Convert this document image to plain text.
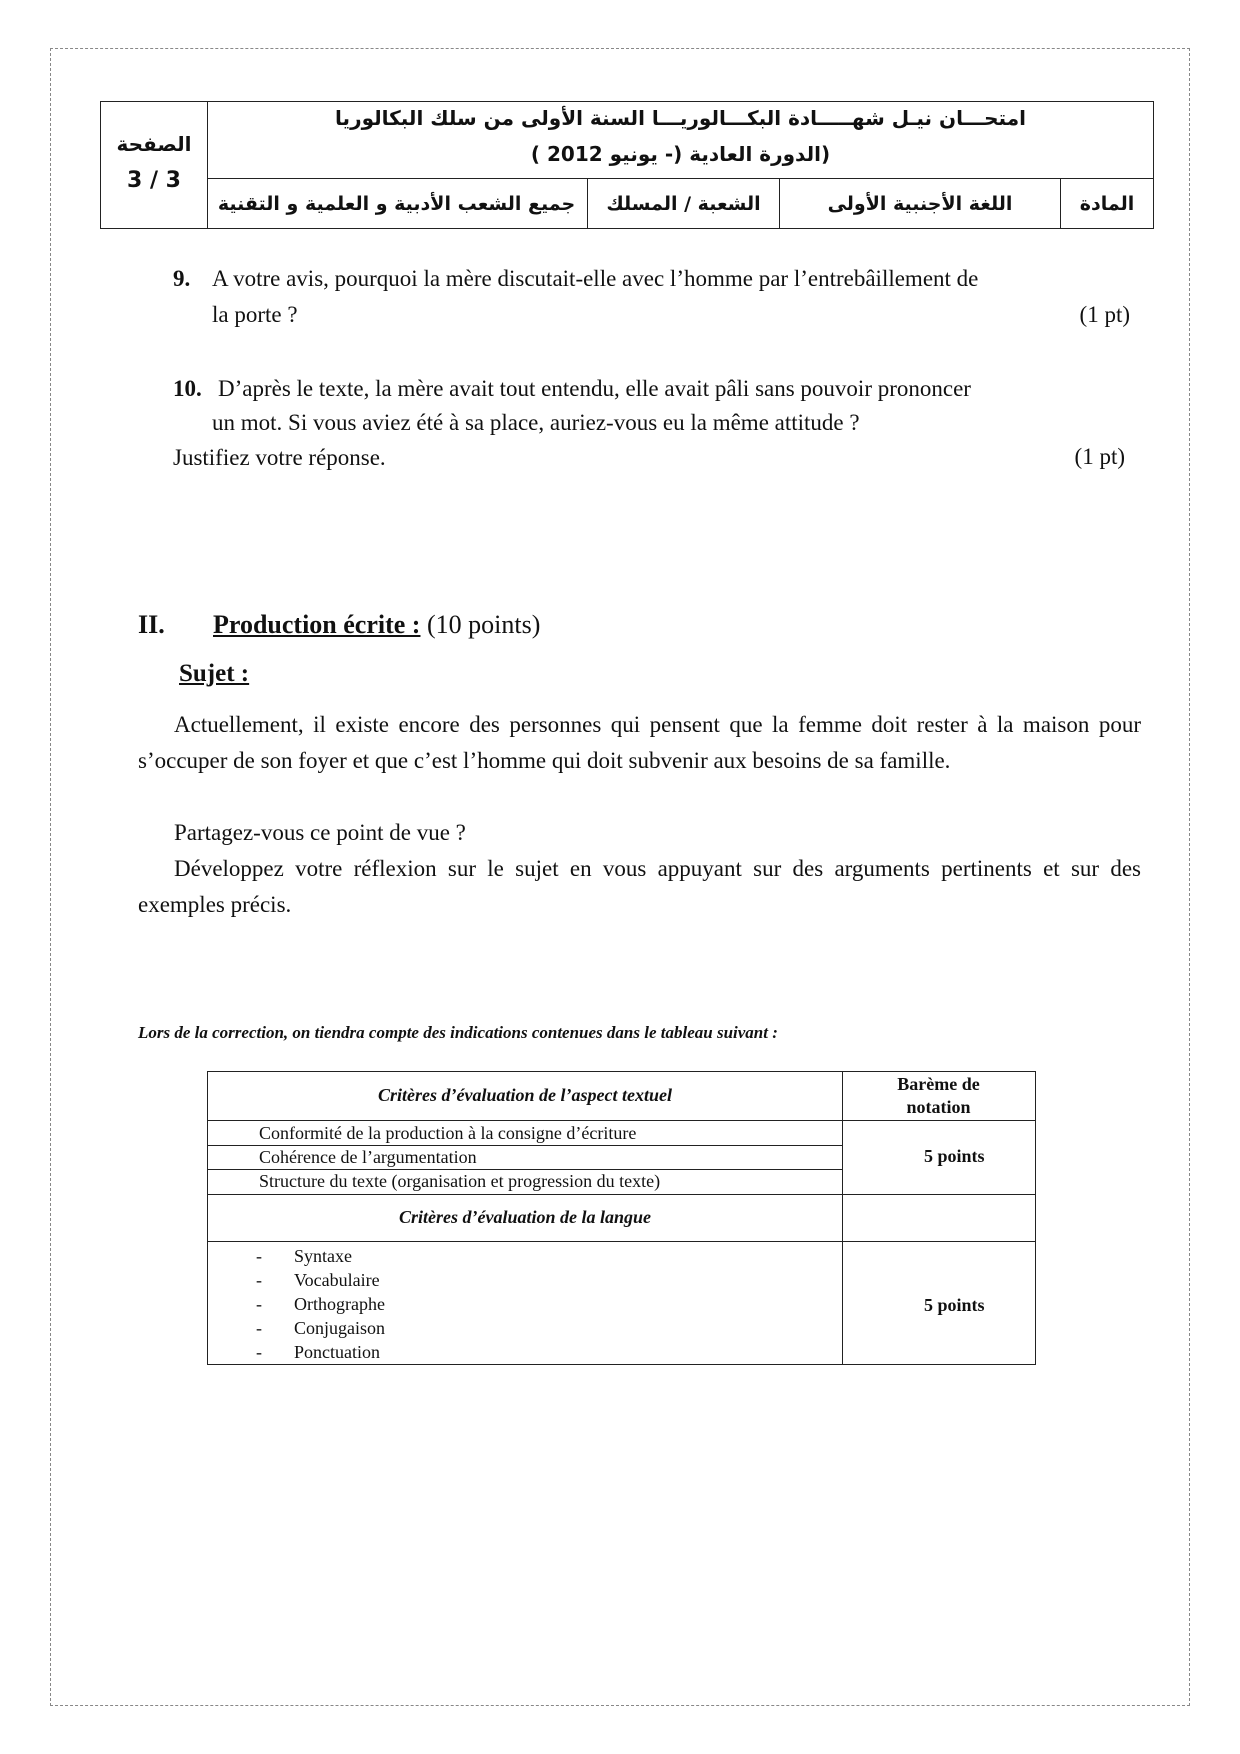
الصفحة
3 / 3
امتحـــان نيـل شهـــــادة البكـــالوريـــا السنة الأولى من سلك البكالوريا
(الدورة العادية (- يونيو 2012 )
المادة
اللغة الأجنبية الأولى
الشعبة / المسلك
جميع الشعب الأدبية و العلمية و التقنية
9. A votre avis, pourquoi la mère discutait-elle avec l’homme par l’entrebâillement de
la porte ?	(1 pt)
10. D’après le texte, la mère avait tout entendu, elle avait pâli sans pouvoir prononcer
un mot. Si vous aviez été à sa place, auriez-vous eu la même attitude ?
Justifiez votre réponse.	(1 pt)
II. Production écrite : (10 points)
Sujet :
Actuellement, il existe encore des personnes qui pensent que la femme doit rester à la maison pour s’occuper de son foyer et que c’est l’homme qui doit subvenir aux besoins de sa famille.
Partagez-vous ce point de vue ?
Développez votre réflexion sur le sujet en vous appuyant sur des arguments pertinents et sur des exemples précis.
Lors de la correction, on tiendra compte des indications contenues dans le tableau suivant :
Critères d’évaluation de l’aspect textuel
Barème de
notation
Conformité de la production à la consigne d’écriture
Cohérence de l’argumentation
Structure du texte (organisation et progression du texte)
5 points
Critères d’évaluation de la langue
- Syntaxe
- Vocabulaire
- Orthographe
- Conjugaison
- Ponctuation
5 points
